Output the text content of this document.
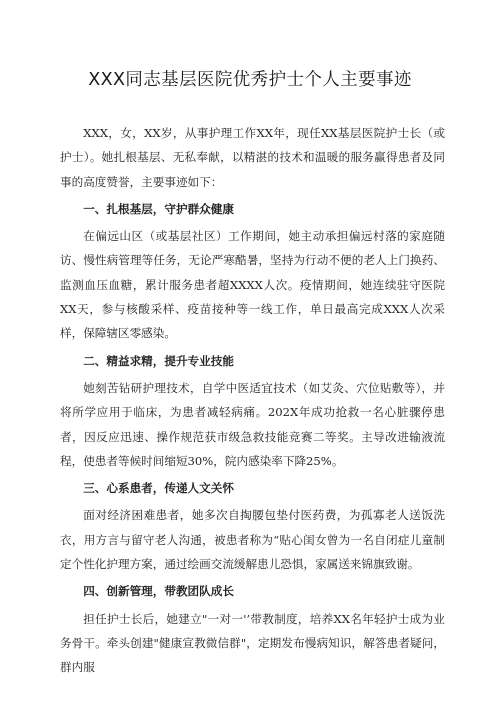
XXX同志基层医院优秀护士个人主要事迹

XXX，女，XX岁，从事护理工作XX年，现任XX基层医院护士长（或护士）。她扎根基层、无私奉献，以精湛的技术和温暖的服务赢得患者及同事的高度赞誉，主要事迹如下：

一、扎根基层，守护群众健康

在偏远山区（或基层社区）工作期间，她主动承担偏远村落的家庭随访、慢性病管理等任务，无论严寒酷暑，坚持为行动不便的老人上门换药、监测血压血糖，累计服务患者超XXXX人次。疫情期间，她连续驻守医院XX天，参与核酸采样、疫苗接种等一线工作，单日最高完成XXX人次采样，保障辖区零感染。

二、精益求精，提升专业技能

她刻苦钻研护理技术，自学中医适宜技术（如艾灸、穴位贴敷等），并将所学应用于临床，为患者减轻病痛。202X年成功抢救一名心脏骤停患者，因反应迅速、操作规范获市级急救技能竞赛二等奖。主导改进输液流程，使患者等候时间缩短30%，院内感染率下降25%。

三、心系患者，传递人文关怀

面对经济困难患者，她多次自掏腰包垫付医药费，为孤寡老人送饭洗衣，用方言与留守老人沟通，被患者称为“贴心闺女曾为一名自闭症儿童制定个性化护理方案，通过绘画交流缓解患儿恐惧，家属送来锦旗致谢。

四、创新管理，带教团队成长

担任护士长后，她建立"一对一'’带教制度，培养XX名年轻护士成为业务骨干。牵头创建"健康宣教微信群"，定期发布慢病知识，解答患者疑问，群内服
